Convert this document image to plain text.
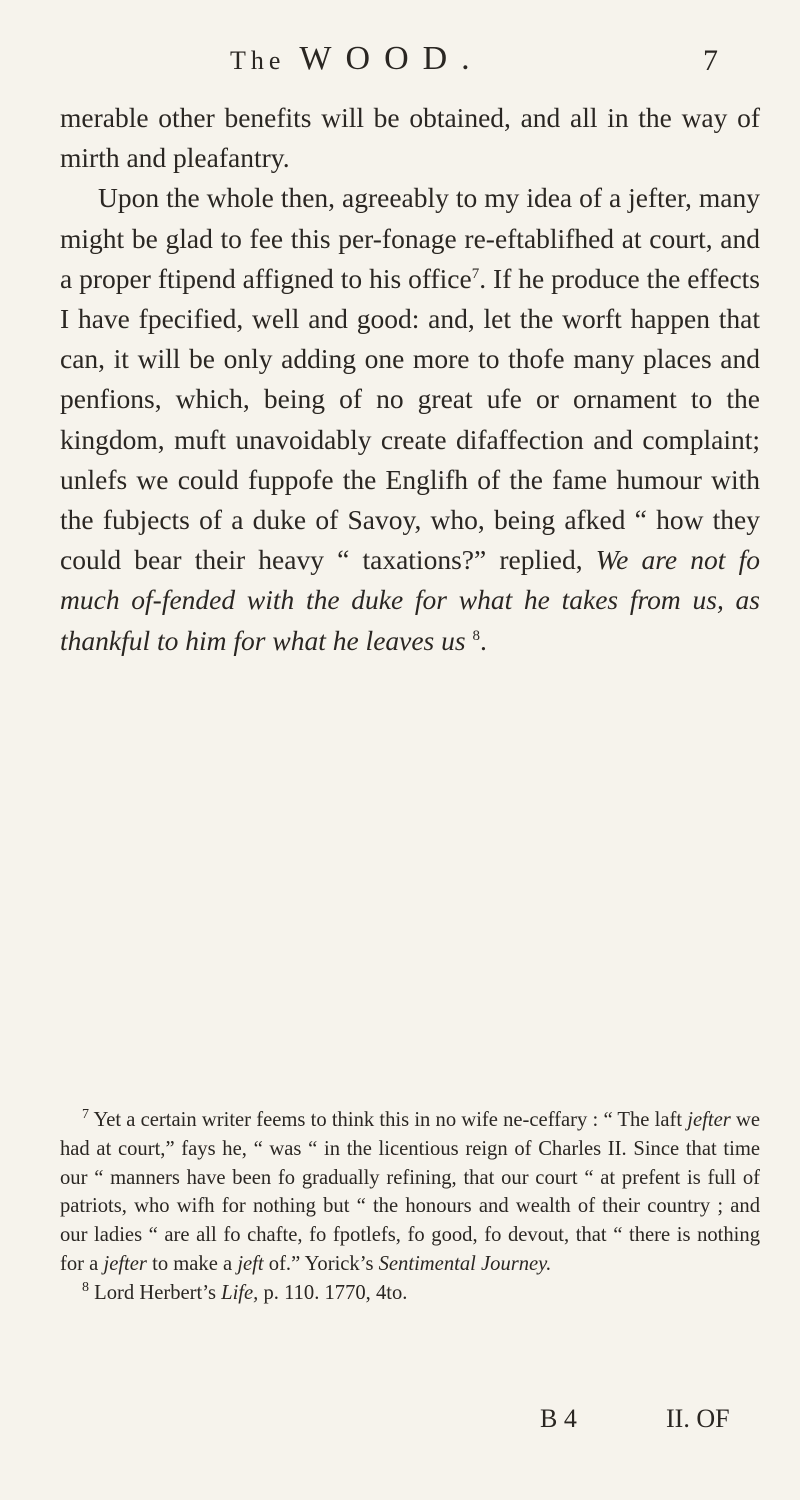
The WOOD.	7

merable other benefits will be obtained, and all in the way of mirth and pleafantry.

Upon the whole then, agreeably to my idea of a jefter, many might be glad to fee this per-fonage re-eftablifhed at court, and a proper ftipend affigned to his office$^7$. If he produce the effects I have fpecified, well and good: and, let the worft happen that can, it will be only adding one more to thofe many places and penfions, which, being of no great ufe or ornament to the kingdom, muft unavoidably create difaffection and complaint; unlefs we could fuppofe the Englifh of the fame humour with the fubjects of a duke of Savoy, who, being afked “ how they could bear their heavy “ taxations?” replied, We are not fo much of-fended with the duke for what he takes from us, as thankful to him for what he leaves us $^8$.

$^7$ Yet a certain writer feems to think this in no wife ne-ceffary : “ The laft jefter we had at court,” fays he, “ was “ in the licentious reign of Charles II. Since that time our “ manners have been fo gradually refining, that our court “ at prefent is full of patriots, who wifh for nothing but “ the honours and wealth of their country ; and our ladies “ are all fo chafte, fo fpotlefs, fo good, fo devout, that “ there is nothing for a jefter to make a jeft of.” Yorick’s Sentimental Journey.

$^8$ Lord Herbert’s Life, p. 110. 1770, 4to.

B 4	II. OF
